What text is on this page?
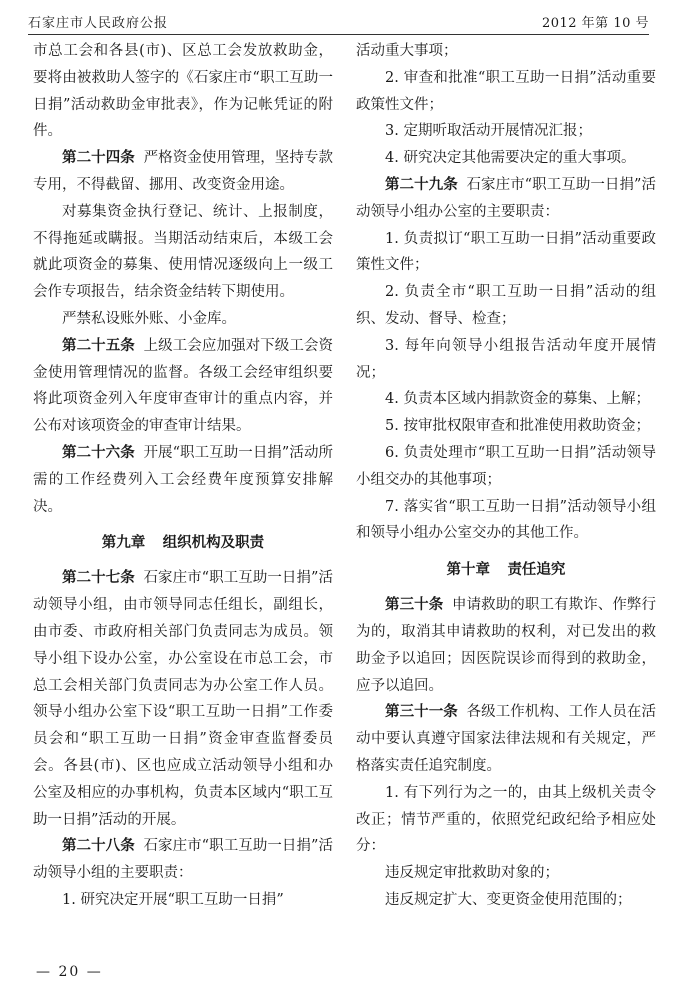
石家庄市人民政府公报	2012 年第 10 号

市总工会和各县(市)、区总工会发放救助金，要将由被救助人签字的《石家庄市“职工互助一日捐”活动救助金审批表》，作为记帐凭证的附件。

第二十四条 严格资金使用管理，坚持专款专用，不得截留、挪用、改变资金用途。

对募集资金执行登记、统计、上报制度，不得拖延或瞒报。当期活动结束后，本级工会就此项资金的募集、使用情况逐级向上一级工会作专项报告，结余资金结转下期使用。

严禁私设账外账、小金库。

第二十五条 上级工会应加强对下级工会资金使用管理情况的监督。各级工会经审组织要将此项资金列入年度审查审计的重点内容，并公布对该项资金的审查审计结果。

第二十六条 开展“职工互助一日捐”活动所需的工作经费列入工会经费年度预算安排解决。

第九章 组织机构及职责

第二十七条 石家庄市“职工互助一日捐”活动领导小组，由市领导同志任组长，副组长，由市委、市政府相关部门负责同志为成员。领导小组下设办公室，办公室设在市总工会，市总工会相关部门负责同志为办公室工作人员。领导小组办公室下设“职工互助一日捐”工作委员会和“职工互助一日捐”资金审查监督委员会。各县(市)、区也应成立活动领导小组和办公室及相应的办事机构，负责本区域内“职工互助一日捐”活动的开展。

第二十八条 石家庄市“职工互助一日捐”活动领导小组的主要职责：

1. 研究决定开展“职工互助一日捐”

活动重大事项；

2. 审查和批准“职工互助一日捐”活动重要政策性文件；

3. 定期听取活动开展情况汇报；

4. 研究决定其他需要决定的重大事项。

第二十九条 石家庄市“职工互助一日捐”活动领导小组办公室的主要职责：

1. 负责拟订“职工互助一日捐”活动重要政策性文件；

2. 负责全市“职工互助一日捐”活动的组织、发动、督导、检查；

3. 每年向领导小组报告活动年度开展情况；

4. 负责本区域内捐款资金的募集、上解；

5. 按审批权限审查和批准使用救助资金；

6. 负责处理市“职工互助一日捐”活动领导小组交办的其他事项；

7. 落实省“职工互助一日捐”活动领导小组和领导小组办公室交办的其他工作。

第十章 责任追究

第三十条 申请救助的职工有欺诈、作弊行为的，取消其申请救助的权利，对已发出的救助金予以追回；因医院误诊而得到的救助金，应予以追回。

第三十一条 各级工作机构、工作人员在活动中要认真遵守国家法律法规和有关规定，严格落实责任追究制度。

1. 有下列行为之一的，由其上级机关责令改正；情节严重的，依照党纪政纪给予相应处分：

违反规定审批救助对象的；

违反规定扩大、变更资金使用范围的；

— 20 —
